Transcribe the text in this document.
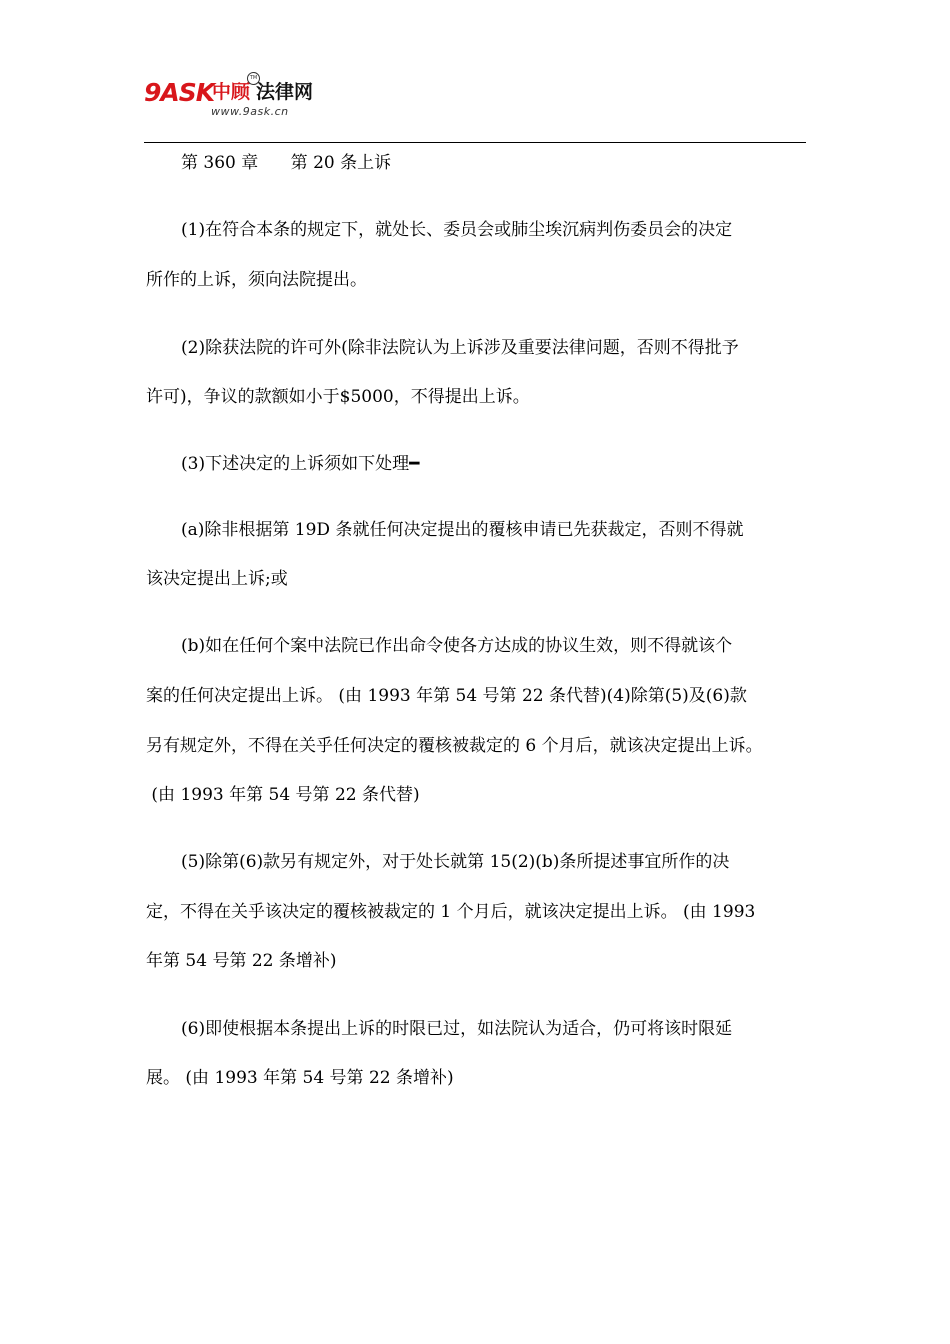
9ASK
中顾
TM
法律网
www.9ask.cn
第 360 章      第 20 条上诉
(1)在符合本条的规定下，就处长、委员会或肺尘埃沉病判伤委员会的决定
所作的上诉，须向法院提出。
(2)除获法院的许可外(除非法院认为上诉涉及重要法律问题，否则不得批予
许可)，争议的款额如小于$5000，不得提出上诉。
(3)下述决定的上诉须如下处理━
(a)除非根据第 19D 条就任何决定提出的覆核申请已先获裁定，否则不得就
该决定提出上诉;或
(b)如在任何个案中法院已作出命令使各方达成的协议生效，则不得就该个
案的任何决定提出上诉。 (由 1993 年第 54 号第 22 条代替)(4)除第(5)及(6)款
另有规定外，不得在关乎任何决定的覆核被裁定的 6 个月后，就该决定提出上诉。
(由 1993 年第 54 号第 22 条代替)
(5)除第(6)款另有规定外，对于处长就第 15(2)(b)条所提述事宜所作的决
定，不得在关乎该决定的覆核被裁定的 1 个月后，就该决定提出上诉。 (由 1993
年第 54 号第 22 条增补)
(6)即使根据本条提出上诉的时限已过，如法院认为适合，仍可将该时限延
展。 (由 1993 年第 54 号第 22 条增补)
